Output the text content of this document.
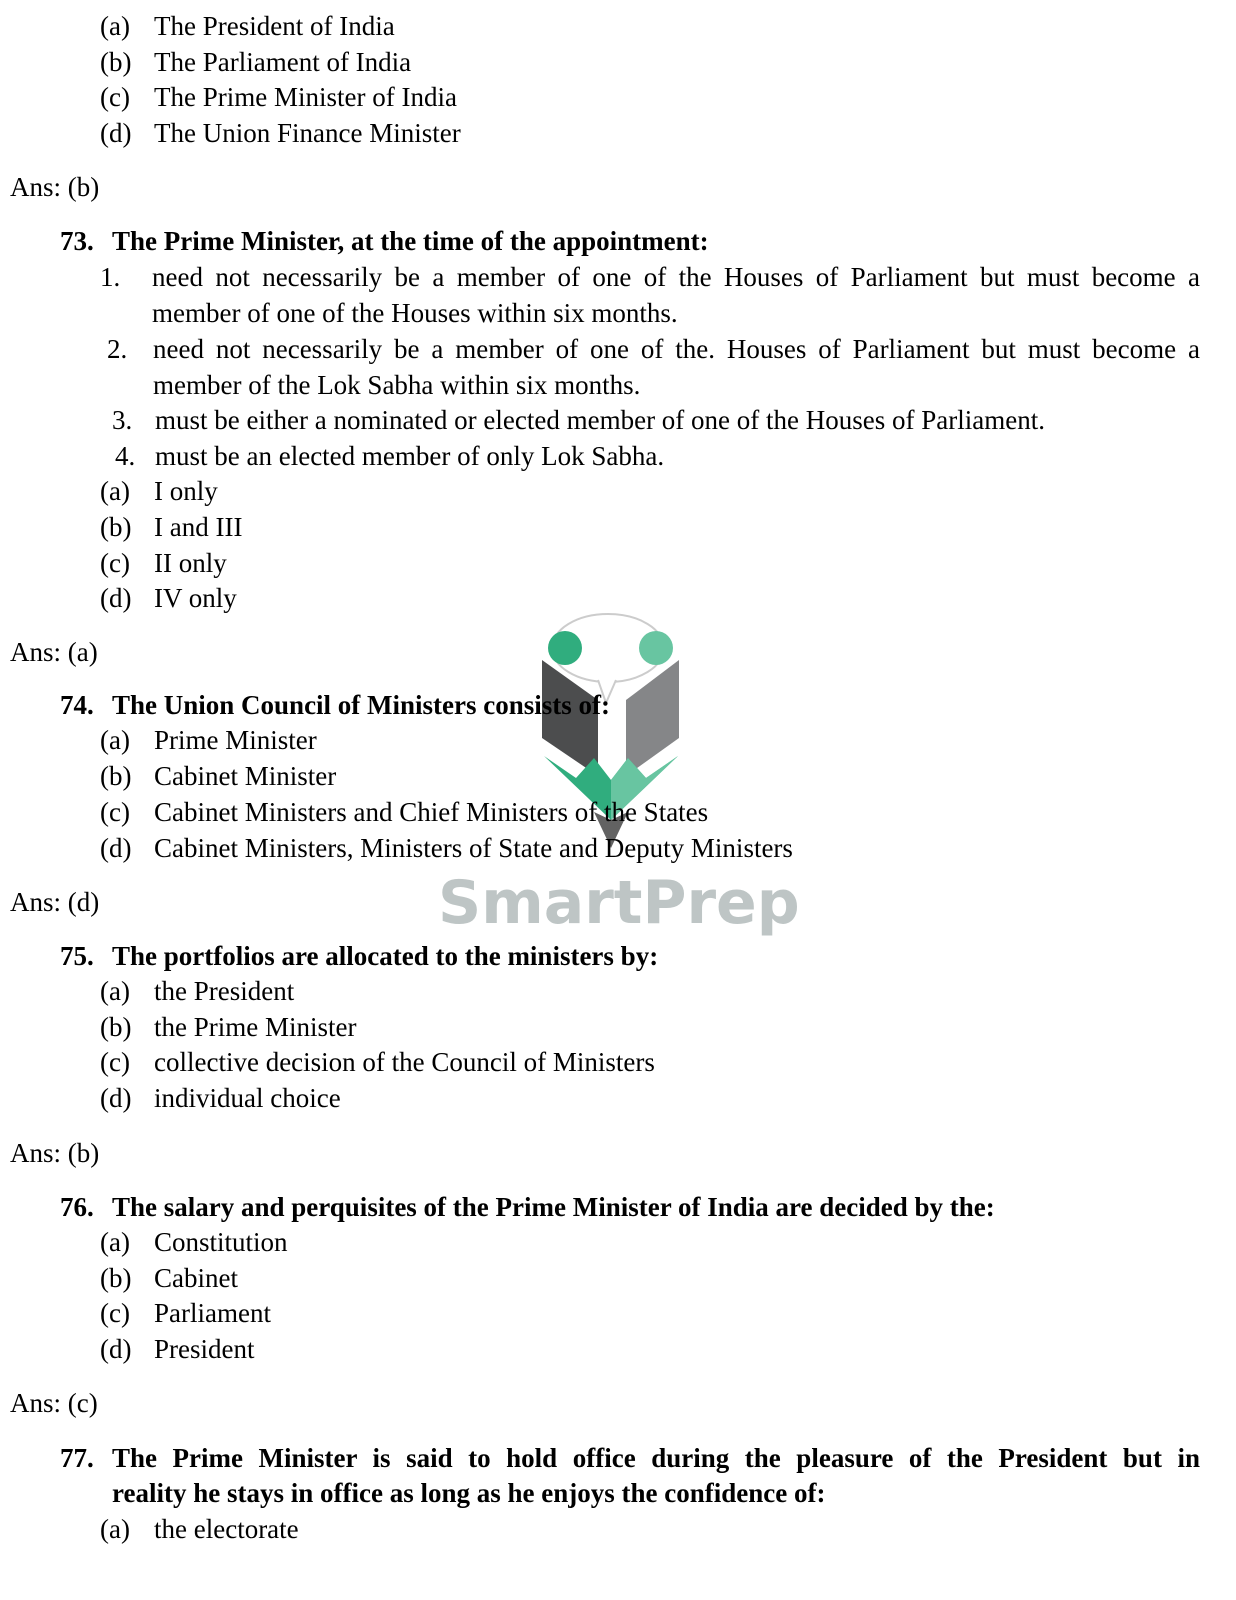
SmartPrep
(a) The President of India
(b) The Parliament of India
(c) The Prime Minister of India
(d) The Union Finance Minister
Ans: (b)
73. The Prime Minister, at the time of the appointment:
1.	need not necessarily be a member of one of the Houses of Parliament but must become a
member of one of the Houses within six months.
2. need not necessarily be a member of one of the. Houses of Parliament but must become a
member of the Lok Sabha within six months.
3. must be either a nominated or elected member of one of the Houses of Parliament.
4. must be an elected member of only Lok Sabha.
(a) I only
(b) I and III
(c) II only
(d) IV only
Ans: (a)
74. The Union Council of Ministers consists of:
(a) Prime Minister
(b) Cabinet Minister
(c) Cabinet Ministers and Chief Ministers of the States
(d) Cabinet Ministers, Ministers of State and Deputy Ministers
Ans: (d)
75. The portfolios are allocated to the ministers by:
(a) the President
(b) the Prime Minister
(c) collective decision of the Council of Ministers
(d) individual choice
Ans: (b)
76. The salary and perquisites of the Prime Minister of India are decided by the:
(a) Constitution
(b) Cabinet
(c) Parliament
(d) President
Ans: (c)
77. The Prime Minister is said to hold office during the pleasure of the President but in
reality he stays in office as long as he enjoys the confidence of:
(a) the electorate
